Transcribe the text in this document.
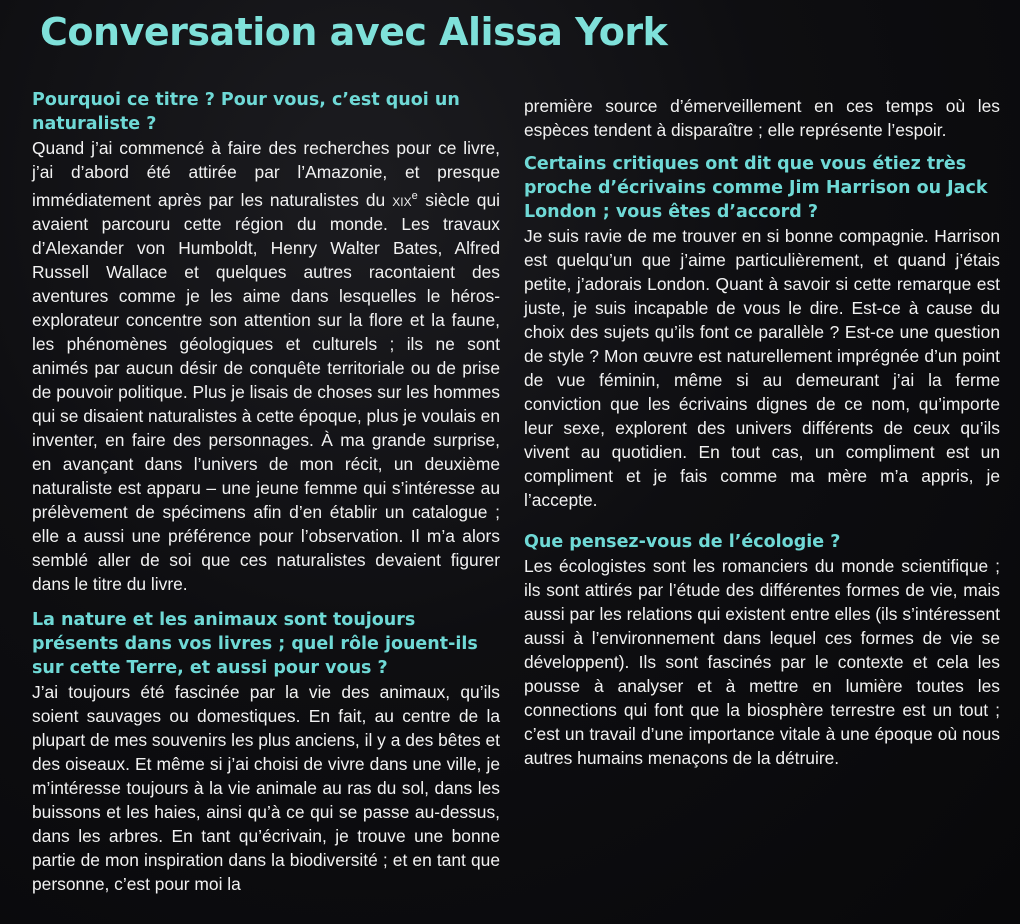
Conversation avec Alissa York

Pourquoi ce titre ? Pour vous, c’est quoi un naturaliste ?

Quand j’ai commencé à faire des recherches pour ce livre, j’ai d’abord été attirée par l’Amazonie, et presque immédiatement après par les naturalistes du xix$^e$ siècle qui avaient parcouru cette région du monde. Les travaux d’Alexander von Humboldt, Henry Walter Bates, Alfred Russell Wallace et quelques autres racontaient des aventures comme je les aime dans lesquelles le héros-explorateur concentre son attention sur la flore et la faune, les phénomènes géologiques et culturels ; ils ne sont animés par aucun désir de conquête territoriale ou de prise de pouvoir politique. Plus je lisais de choses sur les hommes qui se disaient naturalistes à cette époque, plus je voulais en inventer, en faire des personnages. À ma grande surprise, en avançant dans l’univers de mon récit, un deuxième naturaliste est apparu – une jeune femme qui s’intéresse au prélèvement de spécimens afin d’en établir un catalogue ; elle a aussi une préférence pour l’observation. Il m’a alors semblé aller de soi que ces naturalistes devaient figurer dans le titre du livre.

La nature et les animaux sont toujours présents dans vos livres ; quel rôle jouent-ils sur cette Terre, et aussi pour vous ?

J’ai toujours été fascinée par la vie des animaux, qu’ils soient sauvages ou domestiques. En fait, au centre de la plupart de mes souvenirs les plus anciens, il y a des bêtes et des oiseaux. Et même si j’ai choisi de vivre dans une ville, je m’intéresse toujours à la vie animale au ras du sol, dans les buissons et les haies, ainsi qu’à ce qui se passe au-dessus, dans les arbres. En tant qu’écrivain, je trouve une bonne partie de mon inspiration dans la biodiversité ; et en tant que personne, c’est pour moi la

première source d’émerveillement en ces temps où les espèces tendent à disparaître ; elle représente l’espoir.

Certains critiques ont dit que vous étiez très proche d’écrivains comme Jim Harrison ou Jack London ; vous êtes d’accord ?

Je suis ravie de me trouver en si bonne compagnie. Harrison est quelqu’un que j’aime particulièrement, et quand j’étais petite, j’adorais London. Quant à savoir si cette remarque est juste, je suis incapable de vous le dire. Est-ce à cause du choix des sujets qu’ils font ce parallèle ? Est-ce une question de style ? Mon œuvre est naturellement imprégnée d’un point de vue féminin, même si au demeurant j’ai la ferme conviction que les écrivains dignes de ce nom, qu’importe leur sexe, explorent des univers différents de ceux qu’ils vivent au quotidien. En tout cas, un compliment est un compliment et je fais comme ma mère m’a appris, je l’accepte.

Que pensez-vous de l’écologie ?

Les écologistes sont les romanciers du monde scientifique ; ils sont attirés par l’étude des différentes formes de vie, mais aussi par les relations qui existent entre elles (ils s’intéressent aussi à l’environnement dans lequel ces formes de vie se développent). Ils sont fascinés par le contexte et cela les pousse à analyser et à mettre en lumière toutes les connections qui font que la biosphère terrestre est un tout ; c’est un travail d’une importance vitale à une époque où nous autres humains menaçons de la détruire.
